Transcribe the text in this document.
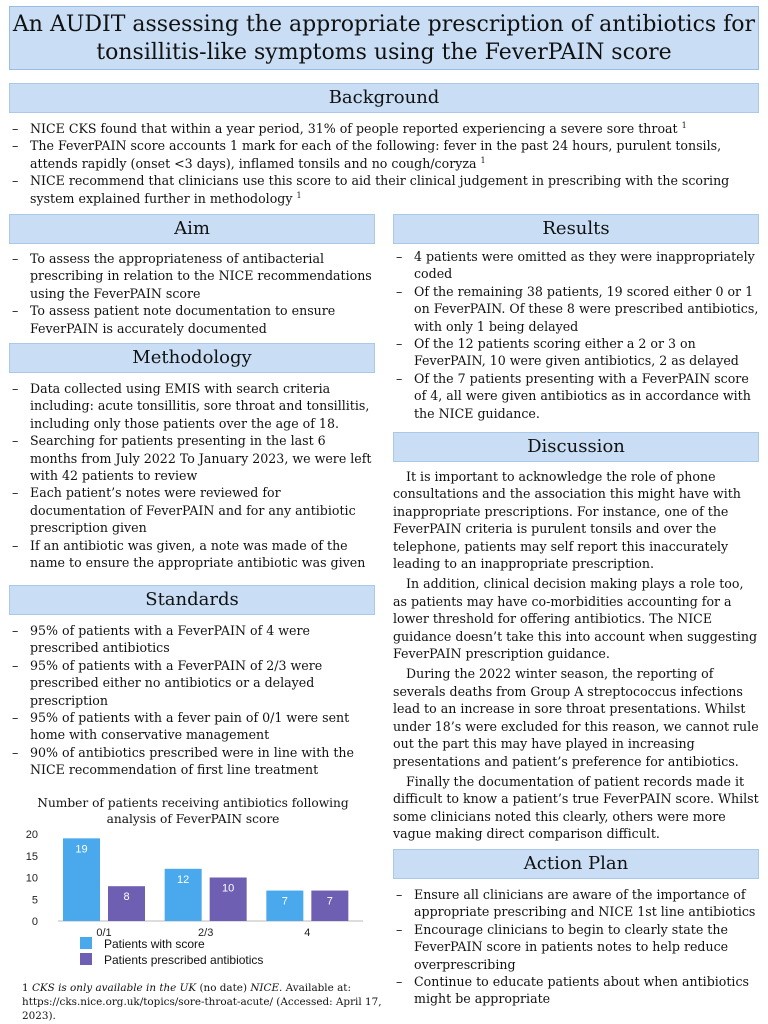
An AUDIT assessing the appropriate prescription of antibiotics for
tonsillitis-like symptoms using the FeverPAIN score
Background
– NICE CKS found that within a year period, 31% of people reported experiencing a severe sore throat $^1$
– The FeverPAIN score accounts 1 mark for each of the following: fever in the past 24 hours, purulent tonsils, attends rapidly (onset <3 days), inflamed tonsils and no cough/coryza $^1$
– NICE recommend that clinicians use this score to aid their clinical judgement in prescribing with the scoring system explained further in methodology $^1$
Aim
– To assess the appropriateness of antibacterial prescribing in relation to the NICE recommendations using the FeverPAIN score
– To assess patient note documentation to ensure FeverPAIN is accurately documented
Methodology
– Data collected using EMIS with search criteria including: acute tonsillitis, sore throat and tonsillitis, including only those patients over the age of 18.
– Searching for patients presenting in the last 6 months from July 2022 To January 2023, we were left with 42 patients to review
– Each patient’s notes were reviewed for documentation of FeverPAIN and for any antibiotic prescription given
– If an antibiotic was given, a note was made of the name to ensure the appropriate antibiotic was given
Standards
– 95% of patients with a FeverPAIN of 4 were prescribed antibiotics
– 95% of patients with a FeverPAIN of 2/3 were prescribed either no antibiotics or a delayed prescription
– 95% of patients with a fever pain of 0/1 were sent home with conservative management
– 90% of antibiotics prescribed were in line with the NICE recommendation of first line treatment
Number of patients receiving antibiotics following
analysis of FeverPAIN score
0
5
10
15
20
19
8
0/1
12
10
2/3
7	7
4
Patients with score
Patients prescribed antibiotics
1 CKS is only available in the UK (no date) NICE. Available at: https://cks.nice.org.uk/topics/sore-throat-acute/ (Accessed: April 17, 2023).
Results
– 4 patients were omitted as they were inappropriately coded
– Of the remaining 38 patients, 19 scored either 0 or 1 on FeverPAIN. Of these 8 were prescribed antibiotics, with only 1 being delayed
– Of the 12 patients scoring either a 2 or 3 on FeverPAIN, 10 were given antibiotics, 2 as delayed
– Of the 7 patients presenting with a FeverPAIN score of 4, all were given antibiotics as in accordance with the NICE guidance.
Discussion

It is important to acknowledge the role of phone consultations and the association this might have with inappropriate prescriptions. For instance, one of the FeverPAIN criteria is purulent tonsils and over the telephone, patients may self report this inaccurately leading to an inappropriate prescription.

In addition, clinical decision making plays a role too, as patients may have co-morbidities accounting for a lower threshold for offering antibiotics. The NICE guidance doesn’t take this into account when suggesting FeverPAIN prescription guidance.

During the 2022 winter season, the reporting of severals deaths from Group A streptococcus infections lead to an increase in sore throat presentations. Whilst under 18’s were excluded for this reason, we cannot rule out the part this may have played in increasing presentations and patient’s preference for antibiotics.

Finally the documentation of patient records made it difficult to know a patient’s true FeverPAIN score. Whilst some clinicians noted this clearly, others were more vague making direct comparison difficult.

Action Plan
– Ensure all clinicians are aware of the importance of appropriate prescribing and NICE 1st line antibiotics
– Encourage clinicians to begin to clearly state the FeverPAIN score in patients notes to help reduce overprescribing
– Continue to educate patients about when antibiotics might be appropriate
